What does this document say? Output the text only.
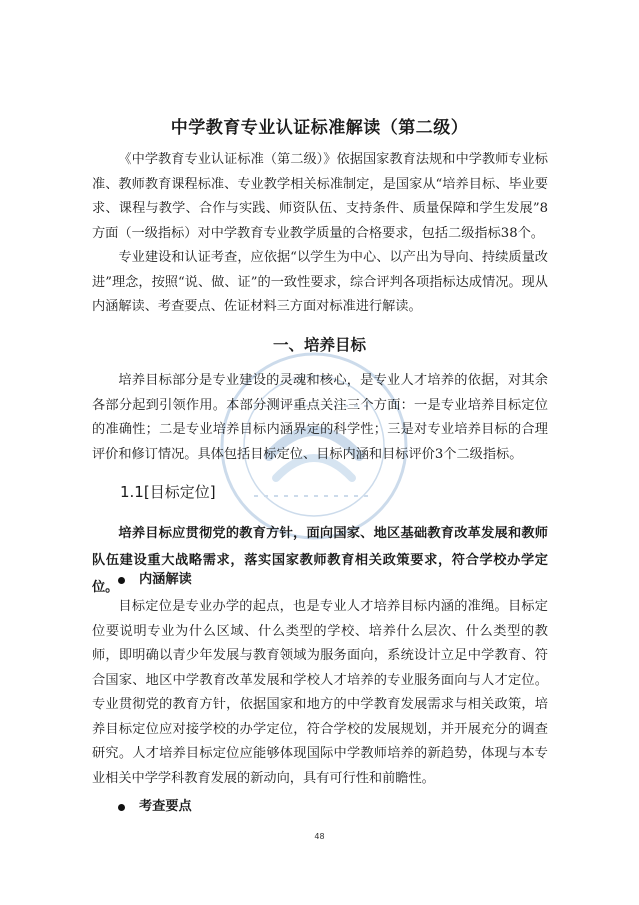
中学教育专业认证标准解读（第二级）

《中学教育专业认证标准（第二级）》依据国家教育法规和中学教师专业标准、教师教育课程标准、专业教学相关标准制定，是国家从“培养目标、毕业要求、课程与教学、合作与实践、师资队伍、支持条件、质量保障和学生发展”8方面（一级指标）对中学教育专业教学质量的合格要求，包括二级指标38个。

专业建设和认证考查，应依据“以学生为中心、以产出为导向、持续质量改进”理念，按照“说、做、证”的一致性要求，综合评判各项指标达成情况。现从内涵解读、考查要点、佐证材料三方面对标准进行解读。

一、培养目标

培养目标部分是专业建设的灵魂和核心，是专业人才培养的依据，对其余各部分起到引领作用。本部分测评重点关注三个方面：一是专业培养目标定位的准确性；二是专业培养目标内涵界定的科学性；三是对专业培养目标的合理评价和修订情况。具体包括目标定位、目标内涵和目标评价3个二级指标。

1.1[目标定位]

培养目标应贯彻党的教育方针，面向国家、地区基础教育改革发展和教师队伍建设重大战略需求，落实国家教师教育相关政策要求，符合学校办学定位。

内涵解读

目标定位是专业办学的起点，也是专业人才培养目标内涵的准绳。目标定位要说明专业为什么区域、什么类型的学校、培养什么层次、什么类型的教师，即明确以青少年发展与教育领域为服务面向，系统设计立足中学教育、符合国家、地区中学教育改革发展和学校人才培养的专业服务面向与人才定位。专业贯彻党的教育方针，依据国家和地方的中学教育发展需求与相关政策，培养目标定位应对接学校的办学定位，符合学校的发展规划，并开展充分的调查研究。人才培养目标定位应能够体现国际中学教师培养的新趋势，体现与本专业相关中学学科教育发展的新动向，具有可行性和前瞻性。

考查要点
48
